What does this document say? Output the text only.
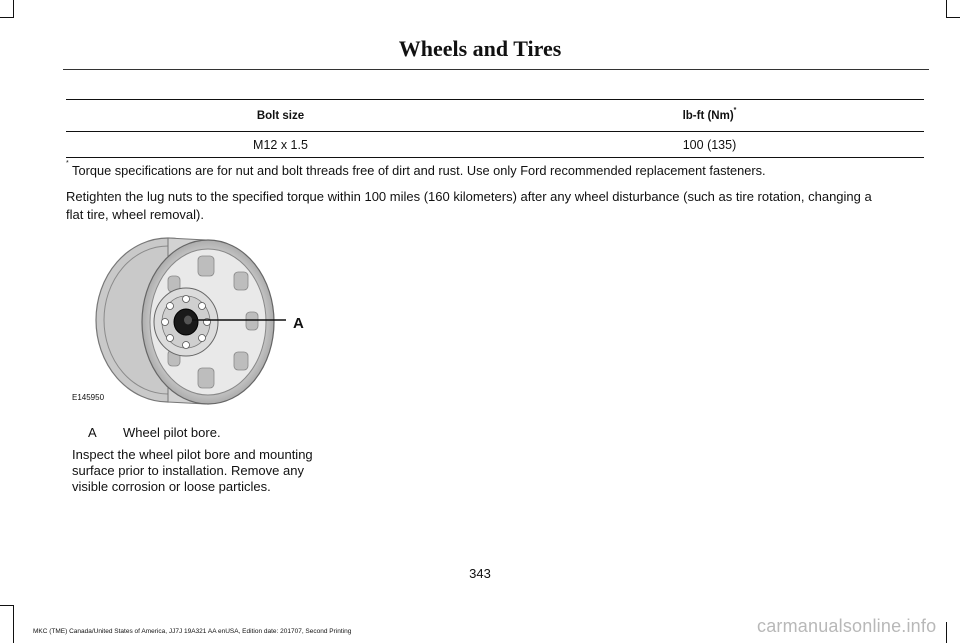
Wheels and Tires
Bolt size	lb-ft (Nm)*
M12 x 1.5	100 (135)
* Torque specifications are for nut and bolt threads free of dirt and rust. Use only Ford recommended replacement fasteners.
Retighten the lug nuts to the specified torque within 100 miles (160 kilometers) after any wheel disturbance (such as tire rotation, changing a
flat tire, wheel removal).
A
E145950
A Wheel pilot bore.
Inspect the wheel pilot bore and mounting
surface prior to installation. Remove any
visible corrosion or loose particles.
343
MKC (TME) Canada/United States of America, JJ7J 19A321 AA enUSA, Edition date: 201707, Second Printing	carmanualsonline.info
